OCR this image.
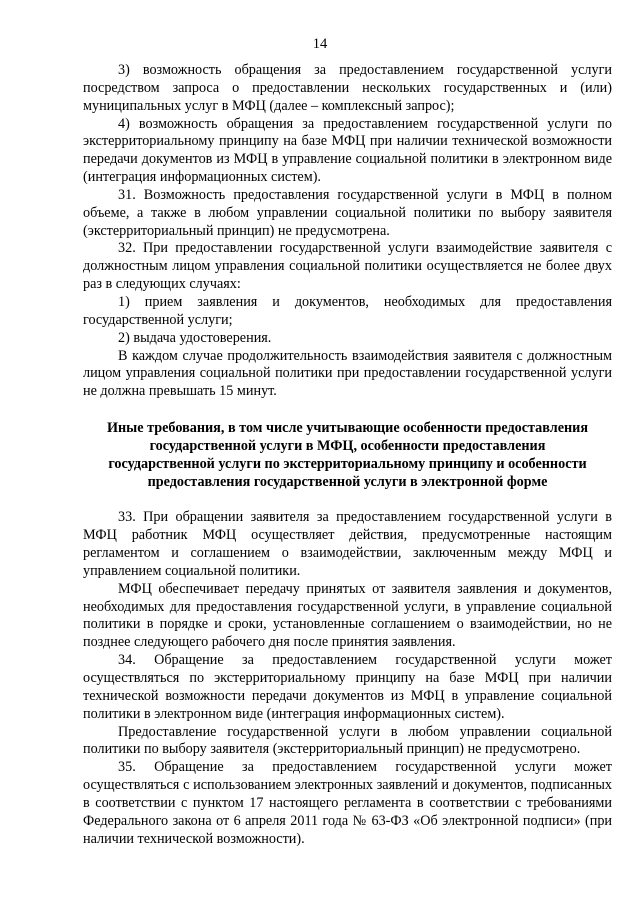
14

3) возможность обращения за предоставлением государственной услуги посредством запроса о предоставлении нескольких государственных и (или) муниципальных услуг в МФЦ (далее – комплексный запрос);

4) возможность обращения за предоставлением государственной услуги по экстерриториальному принципу на базе МФЦ при наличии технической возможности передачи документов из МФЦ в управление социальной политики в электронном виде (интеграция информационных систем).

31. Возможность предоставления государственной услуги в МФЦ в полном объеме, а также в любом управлении социальной политики по выбору заявителя (экстерриториальный принцип) не предусмотрена.

32. При предоставлении государственной услуги взаимодействие заявителя с должностным лицом управления социальной политики осуществляется не более двух раз в следующих случаях:

1) прием заявления и документов, необходимых для предоставления государственной услуги;

2) выдача удостоверения.

В каждом случае продолжительность взаимодействия заявителя с должностным лицом управления социальной политики при предоставлении государственной услуги не должна превышать 15 минут.

Иные требования, в том числе учитывающие особенности предоставления государственной услуги в МФЦ, особенности предоставления государственной услуги по экстерриториальному принципу и особенности предоставления государственной услуги в электронной форме

33. При обращении заявителя за предоставлением государственной услуги в МФЦ работник МФЦ осуществляет действия, предусмотренные настоящим регламентом и соглашением о взаимодействии, заключенным между МФЦ и управлением социальной политики.

МФЦ обеспечивает передачу принятых от заявителя заявления и документов, необходимых для предоставления государственной услуги, в управление социальной политики в порядке и сроки, установленные соглашением о взаимодействии, но не позднее следующего рабочего дня после принятия заявления.

34. Обращение за предоставлением государственной услуги может осуществляться по экстерриториальному принципу на базе МФЦ при наличии технической возможности передачи документов из МФЦ в управление социальной политики в электронном виде (интеграция информационных систем).

Предоставление государственной услуги в любом управлении социальной политики по выбору заявителя (экстерриториальный принцип) не предусмотрено.

35. Обращение за предоставлением государственной услуги может осуществляться с использованием электронных заявлений и документов, подписанных в соответствии с пунктом 17 настоящего регламента в соответствии с требованиями Федерального закона от 6 апреля 2011 года № 63-ФЗ «Об электронной подписи» (при наличии технической возможности).
